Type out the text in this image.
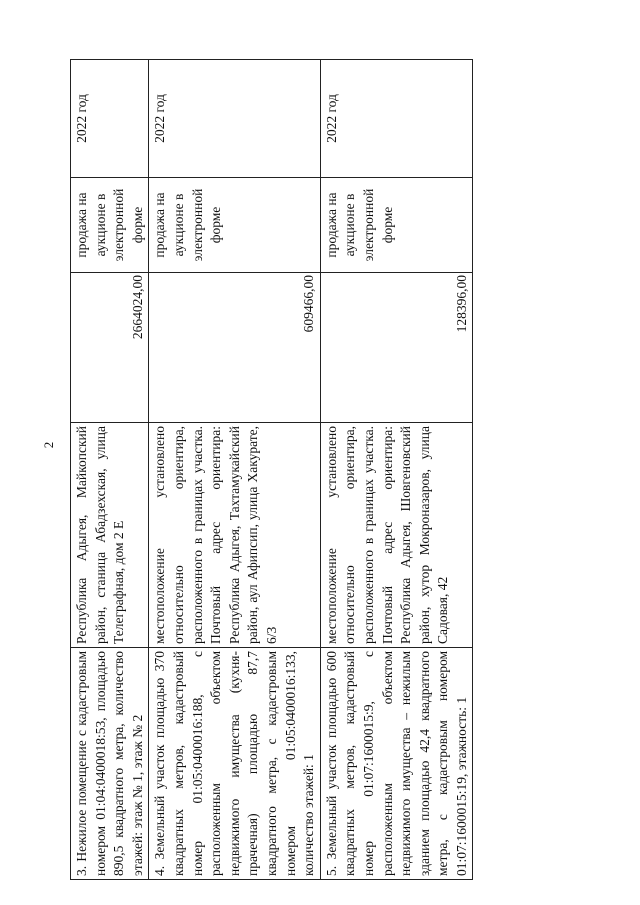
2
3. Нежилое помещение с кадастровым номером 01:04:0400018:53, площадью 890,5 квадратного метра, количество этажей: этаж № 1, этаж № 2	Республика Адыгея, Майкопский район, станица Абадзехская, улица Телеграфная, дом 2 Е	2664024,00	продажа на аукционе в электронной форме	2022 год
4. Земельный участок площадью 370 квадратных метров, кадастровый номер 01:05:0400016:188, с расположенным объектом недвижимого имущества (кухня-прачечная) площадью 87,7 квадратного метра, с кадастровым номером 01:05:0400016:133, количество этажей: 1	местоположение установлено относительно ориентира, расположенного в границах участка. Почтовый адрес ориентира: Республика Адыгея, Тахтамукайский район, аул Афипсип, улица Хакурате, 6/3	609466,00	продажа на аукционе в электронной форме	2022 год
5. Земельный участок площадью 600 квадратных метров, кадастровый номер 01:07:1600015:9, с расположенным объектом недвижимого имущества – нежилым зданием площадью 42,4 квадратного метра, с кадастровым номером 01:07:1600015:19, этажность: 1	местоположение установлено относительно ориентира, расположенного в границах участка. Почтовый адрес ориентира: Республика Адыгея, Шовгеновский район, хутор Мокроназаров, улица Садовая, 42	128396,00	продажа на аукционе в электронной форме	2022 год
